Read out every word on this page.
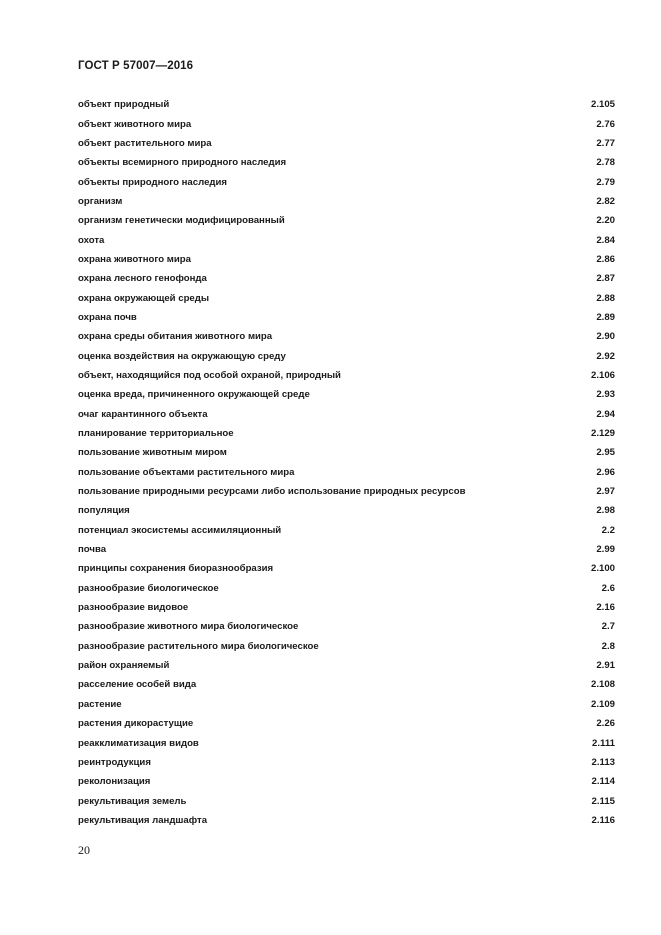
ГОСТ Р 57007—2016
объект природный	2.105
объект животного мира	2.76
объект растительного мира	2.77
объекты всемирного природного наследия	2.78
объекты природного наследия	2.79
организм	2.82
организм генетически модифицированный	2.20
охота	2.84
охрана животного мира	2.86
охрана лесного генофонда	2.87
охрана окружающей среды	2.88
охрана почв	2.89
охрана среды обитания животного мира	2.90
оценка воздействия на окружающую среду	2.92
объект, находящийся под особой охраной, природный	2.106
оценка вреда, причиненного окружающей среде	2.93
очаг карантинного объекта	2.94
планирование территориальное	2.129
пользование животным миром	2.95
пользование объектами растительного мира	2.96
пользование природными ресурсами либо использование природных ресурсов	2.97
популяция	2.98
потенциал экосистемы ассимиляционный	2.2
почва	2.99
принципы сохранения биоразнообразия	2.100
разнообразие биологическое	2.6
разнообразие видовое	2.16
разнообразие животного мира биологическое	2.7
разнообразие растительного мира биологическое	2.8
район охраняемый	2.91
расселение особей вида	2.108
растение	2.109
растения дикорастущие	2.26
реакклиматизация видов	2.111
реинтродукция	2.113
реколонизация	2.114
рекультивация земель	2.115
рекультивация ландшафта	2.116
20
